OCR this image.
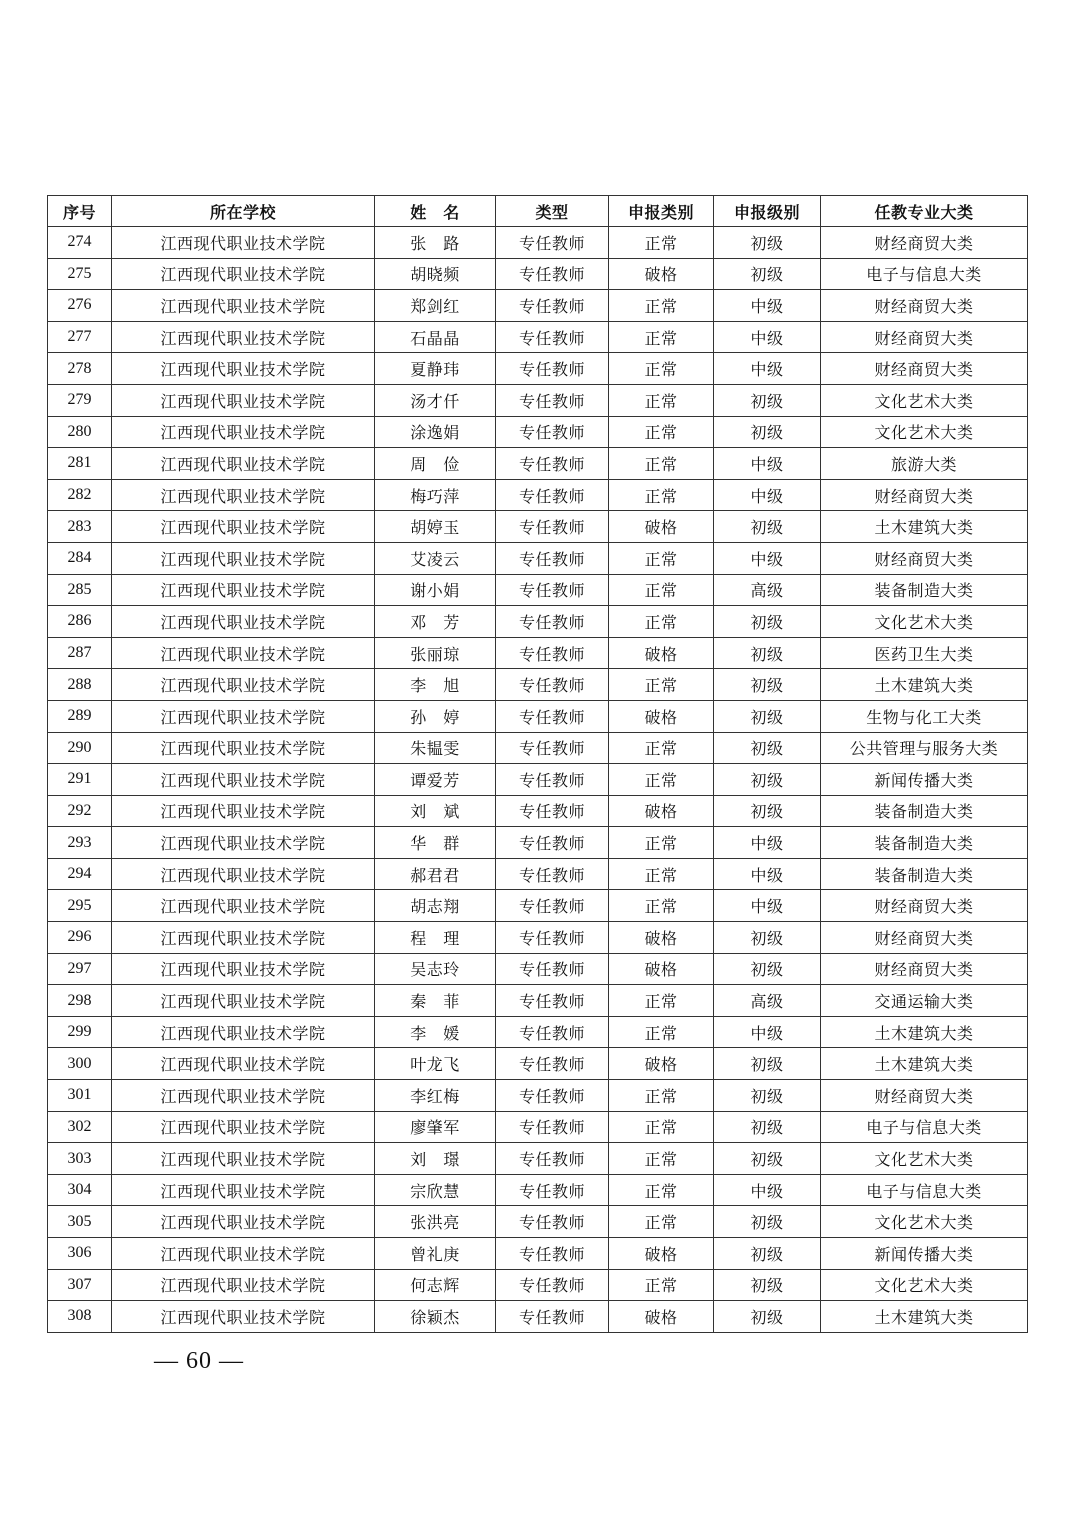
序号	所在学校	姓　名	类型	申报类别	申报级别	任教专业大类
274	江西现代职业技术学院	张　路	专任教师	正常	初级	财经商贸大类
275	江西现代职业技术学院	胡晓频	专任教师	破格	初级	电子与信息大类
276	江西现代职业技术学院	郑剑红	专任教师	正常	中级	财经商贸大类
277	江西现代职业技术学院	石晶晶	专任教师	正常	中级	财经商贸大类
278	江西现代职业技术学院	夏静玮	专任教师	正常	中级	财经商贸大类
279	江西现代职业技术学院	汤才仟	专任教师	正常	初级	文化艺术大类
280	江西现代职业技术学院	涂逸娟	专任教师	正常	初级	文化艺术大类
281	江西现代职业技术学院	周　俭	专任教师	正常	中级	旅游大类
282	江西现代职业技术学院	梅巧萍	专任教师	正常	中级	财经商贸大类
283	江西现代职业技术学院	胡婷玉	专任教师	破格	初级	土木建筑大类
284	江西现代职业技术学院	艾凌云	专任教师	正常	中级	财经商贸大类
285	江西现代职业技术学院	谢小娟	专任教师	正常	高级	装备制造大类
286	江西现代职业技术学院	邓　芳	专任教师	正常	初级	文化艺术大类
287	江西现代职业技术学院	张丽琼	专任教师	破格	初级	医药卫生大类
288	江西现代职业技术学院	李　旭	专任教师	正常	初级	土木建筑大类
289	江西现代职业技术学院	孙　婷	专任教师	破格	初级	生物与化工大类
290	江西现代职业技术学院	朱韫雯	专任教师	正常	初级	公共管理与服务大类
291	江西现代职业技术学院	谭爱芳	专任教师	正常	初级	新闻传播大类
292	江西现代职业技术学院	刘　斌	专任教师	破格	初级	装备制造大类
293	江西现代职业技术学院	华　群	专任教师	正常	中级	装备制造大类
294	江西现代职业技术学院	郝君君	专任教师	正常	中级	装备制造大类
295	江西现代职业技术学院	胡志翔	专任教师	正常	中级	财经商贸大类
296	江西现代职业技术学院	程　理	专任教师	破格	初级	财经商贸大类
297	江西现代职业技术学院	吴志玲	专任教师	破格	初级	财经商贸大类
298	江西现代职业技术学院	秦　菲	专任教师	正常	高级	交通运输大类
299	江西现代职业技术学院	李　媛	专任教师	正常	中级	土木建筑大类
300	江西现代职业技术学院	叶龙飞	专任教师	破格	初级	土木建筑大类
301	江西现代职业技术学院	李红梅	专任教师	正常	初级	财经商贸大类
302	江西现代职业技术学院	廖肇军	专任教师	正常	初级	电子与信息大类
303	江西现代职业技术学院	刘　璟	专任教师	正常	初级	文化艺术大类
304	江西现代职业技术学院	宗欣慧	专任教师	正常	中级	电子与信息大类
305	江西现代职业技术学院	张洪亮	专任教师	正常	初级	文化艺术大类
306	江西现代职业技术学院	曾礼庚	专任教师	破格	初级	新闻传播大类
307	江西现代职业技术学院	何志辉	专任教师	正常	初级	文化艺术大类
308	江西现代职业技术学院	徐颖杰	专任教师	破格	初级	土木建筑大类
— 60 —
